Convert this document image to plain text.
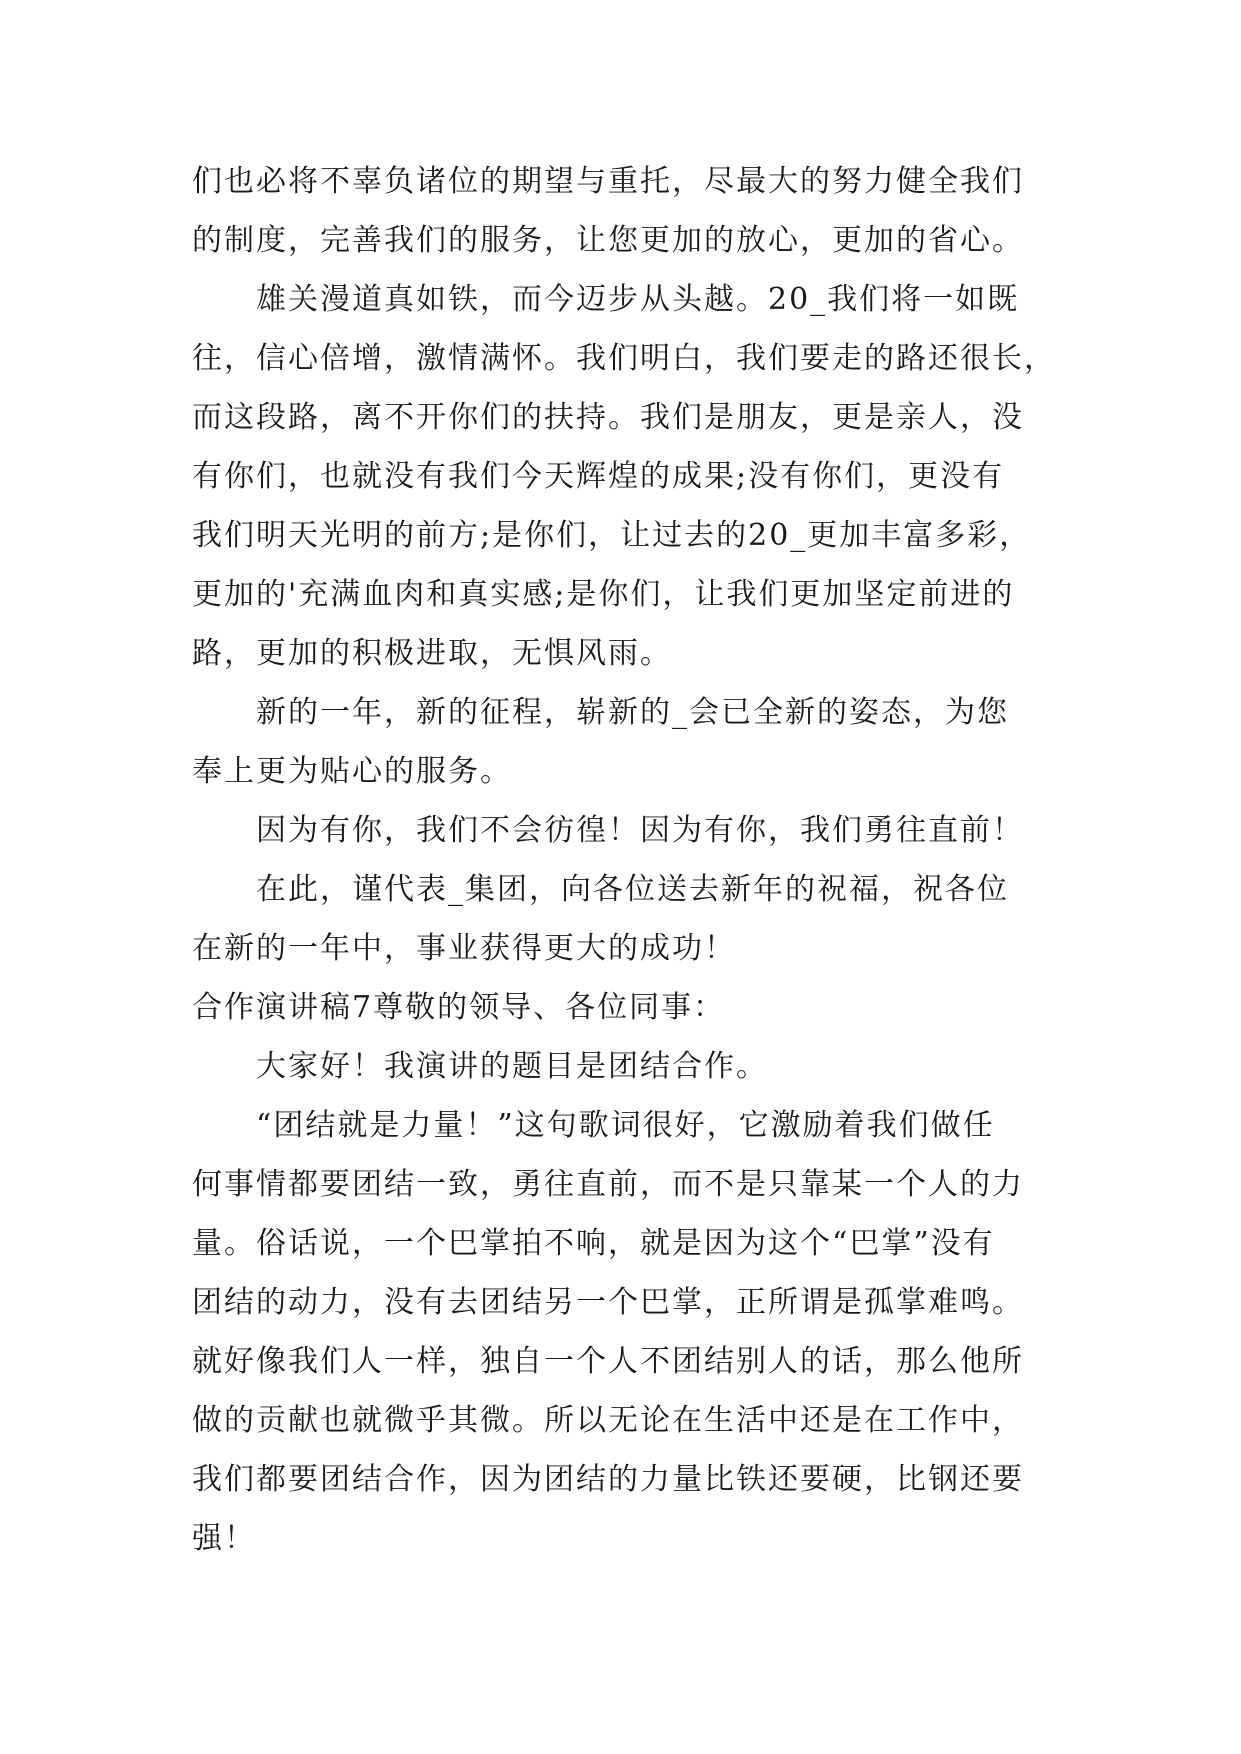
们也必将不辜负诸位的期望与重托，尽最大的努力健全我们
的制度，完善我们的服务，让您更加的放心，更加的省心。
雄关漫道真如铁，而今迈步从头越。20_我们将一如既
往，信心倍增，激情满怀。我们明白，我们要走的路还很长，
而这段路，离不开你们的扶持。我们是朋友，更是亲人，没
有你们，也就没有我们今天辉煌的成果;没有你们，更没有
我们明天光明的前方;是你们，让过去的20_更加丰富多彩，
更加的'充满血肉和真实感;是你们，让我们更加坚定前进的
路，更加的积极进取，无惧风雨。
新的一年，新的征程，崭新的_会已全新的姿态，为您
奉上更为贴心的服务。
因为有你，我们不会彷徨！因为有你，我们勇往直前！
在此，谨代表_集团，向各位送去新年的祝福，祝各位
在新的一年中，事业获得更大的成功！
合作演讲稿7尊敬的领导、各位同事：
大家好！我演讲的题目是团结合作。
“团结就是力量！”这句歌词很好，它激励着我们做任
何事情都要团结一致，勇往直前，而不是只靠某一个人的力
量。俗话说，一个巴掌拍不响，就是因为这个“巴掌”没有
团结的动力，没有去团结另一个巴掌，正所谓是孤掌难鸣。
就好像我们人一样，独自一个人不团结别人的话，那么他所
做的贡献也就微乎其微。所以无论在生活中还是在工作中，
我们都要团结合作，因为团结的力量比铁还要硬，比钢还要
强！
